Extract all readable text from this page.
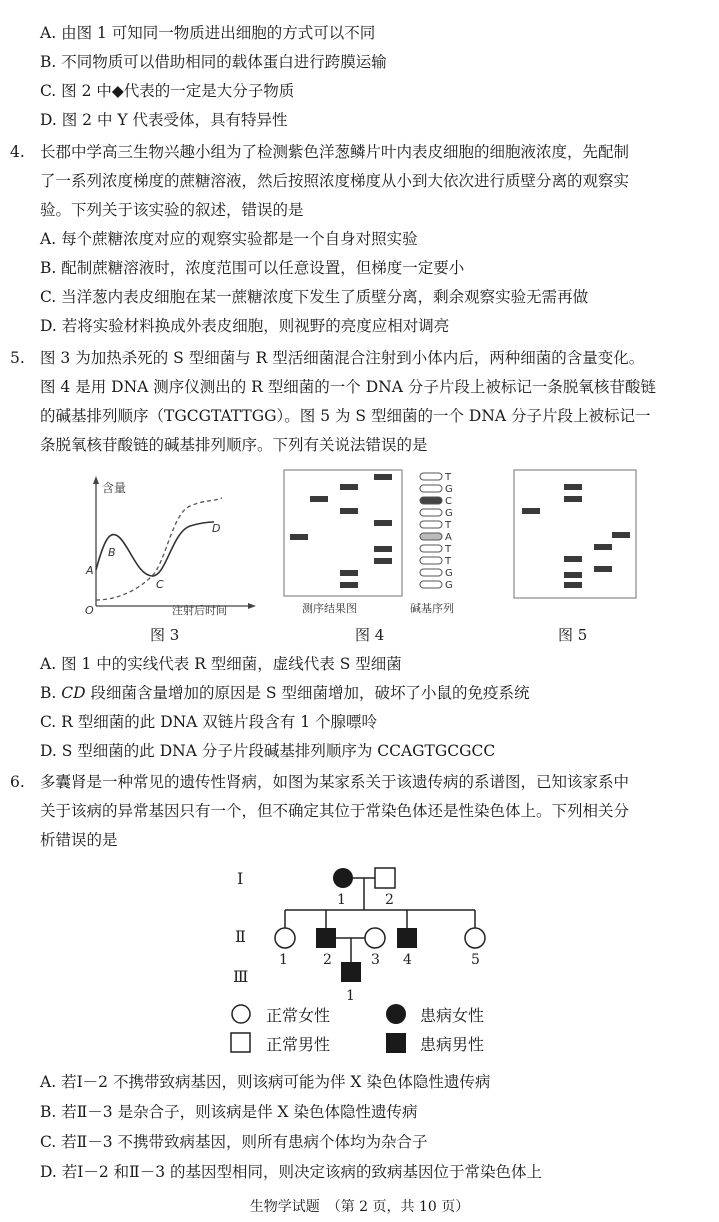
A. 由图 1 可知同一物质进出细胞的方式可以不同
B. 不同物质可以借助相同的载体蛋白进行跨膜运输
C. 图 2 中◆代表的一定是大分子物质
D. 图 2 中 Y 代表受体，具有特异性
4. 长郡中学高三生物兴趣小组为了检测紫色洋葱鳞片叶内表皮细胞的细胞液浓度，先配制
了一系列浓度梯度的蔗糖溶液，然后按照浓度梯度从小到大依次进行质壁分离的观察实
验。下列关于该实验的叙述，错误的是
A. 每个蔗糖浓度对应的观察实验都是一个自身对照实验
B. 配制蔗糖溶液时，浓度范围可以任意设置，但梯度一定要小
C. 当洋葱内表皮细胞在某一蔗糖浓度下发生了质壁分离，剩余观察实验无需再做
D. 若将实验材料换成外表皮细胞，则视野的亮度应相对调亮
5. 图 3 为加热杀死的 S 型细菌与 R 型活细菌混合注射到小体内后，两种细菌的含量变化。
图 4 是用 DNA 测序仪测出的 R 型细菌的一个 DNA 分子片段上被标记一条脱氧核苷酸链
的碱基排列顺序（TGCGTATTGG）。图 5 为 S 型细菌的一个 DNA 分子片段上被标记一
条脱氧核苷酸链的碱基排列顺序。下列有关说法错误的是
含量
O
A
B
C
D
注射后时间
图 3
T
G
C
G
T
A
T
T
G
G
测序结果图	碱基序列
图 4	图 5
A. 图 1 中的实线代表 R 型细菌，虚线代表 S 型细菌
B. CD 段细菌含量增加的原因是 S 型细菌增加，破坏了小鼠的免疫系统
C. R 型细菌的此 DNA 双链片段含有 1 个腺嘌呤
D. S 型细菌的此 DNA 分子片段碱基排列顺序为 CCAGTGCGCC
6. 多囊肾是一种常见的遗传性肾病，如图为某家系关于该遗传病的系谱图，已知该家系中
关于该病的异常基因只有一个，但不确定其位于常染色体还是性染色体上。下列相关分
析错误的是
Ⅰ
Ⅱ
Ⅲ
1	2
1	2	3 4	5
1
正常女性	患病女性
正常男性	患病男性
A. 若Ⅰ－2 不携带致病基因，则该病可能为伴 X 染色体隐性遗传病
B. 若Ⅱ－3 是杂合子，则该病是伴 X 染色体隐性遗传病
C. 若Ⅱ－3 不携带致病基因，则所有患病个体均为杂合子
D. 若Ⅰ－2 和Ⅱ－3 的基因型相同，则决定该病的致病基因位于常染色体上
生物学试题　（第 2 页，共 10 页）
